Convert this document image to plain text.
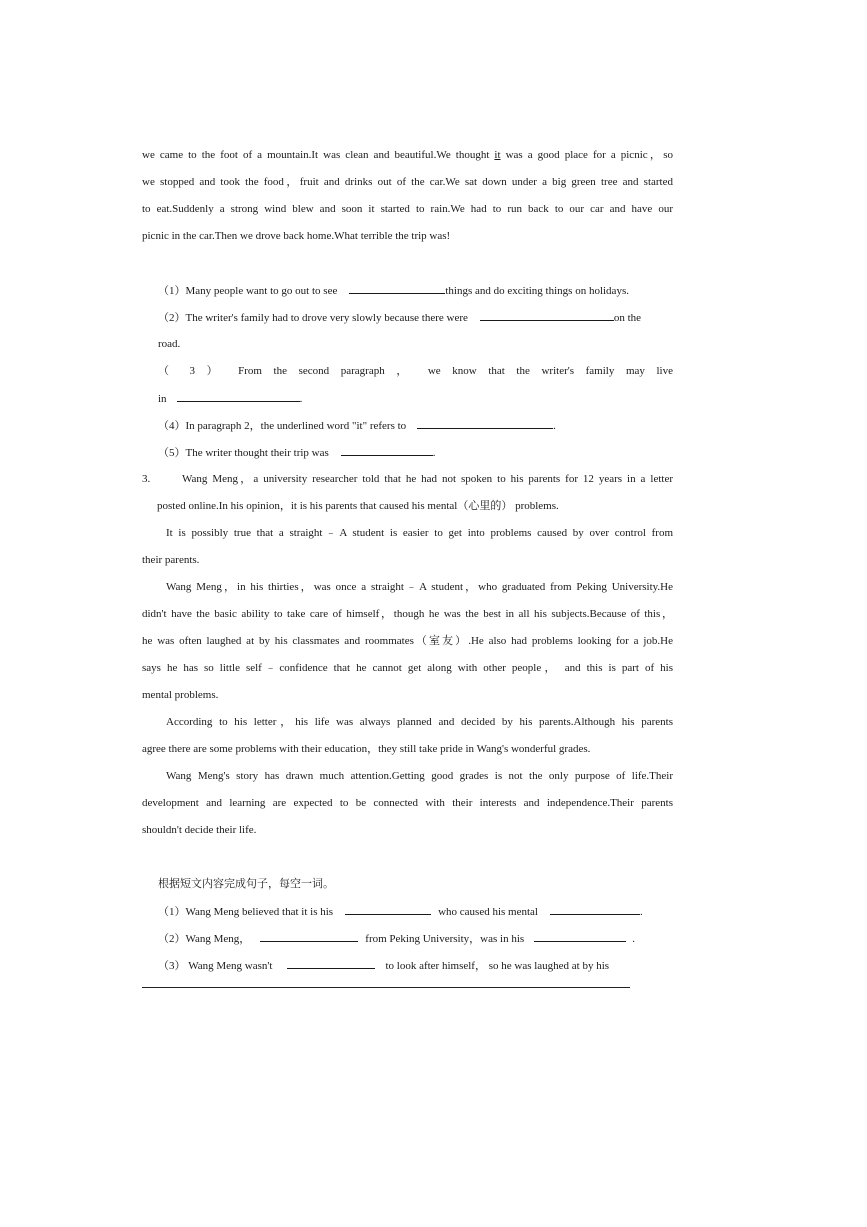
we came to the foot of a mountain.It was clean and beautiful.We thought it was a good place for a picnic，so
we stopped and took the food，fruit and drinks out of the car.We sat down under a big green tree and started
to eat.Suddenly a strong wind blew and soon it started to rain.We had to run back to our car and have our
picnic in the car.Then we drove back home.What terrible the trip was!
（1）Many people want to go out to see	things and do exciting things on holidays.
（2）The writer's family had to drove very slowly because there were	on the
road.
（ 3 ） From the second paragraph ， we know that the writer's family may live
in	.
（4）In paragraph 2，the underlined word "it" refers to	.
（5）The writer thought their trip was	.
3.	Wang Meng，a university researcher told that he had not spoken to his parents for 12 years in a letter
posted online.In his opinion，it is his parents that caused his mental（心里的） problems.
It is possibly true that a straight﹣A student is easier to get into problems caused by over control from
their parents.
Wang Meng，in his thirties，was once a straight﹣A student，who graduated from Peking University.He
didn't have the basic ability to take care of himself，though he was the best in all his subjects.Because of this，
he was often laughed at by his classmates and roommates（室友）.He also had problems looking for a job.He
says he has so little self﹣confidence that he cannot get along with other people， and this is part of his
mental problems.
According to his letter，his life was always planned and decided by his parents.Although his parents
agree there are some problems with their education，they still take pride in Wang's wonderful grades.
Wang Meng's story has drawn much attention.Getting good grades is not the only purpose of life.Their
development and learning are expected to be connected with their interests and independence.Their parents
shouldn't decide their life.
根据短文内容完成句子，每空一词。
（1）Wang Meng believed that it is his	who caused his mental	.
（2）Wang Meng，	from Peking University，was in his	.
（3） Wang Meng wasn't	to look after himself， so he was laughed at by his
